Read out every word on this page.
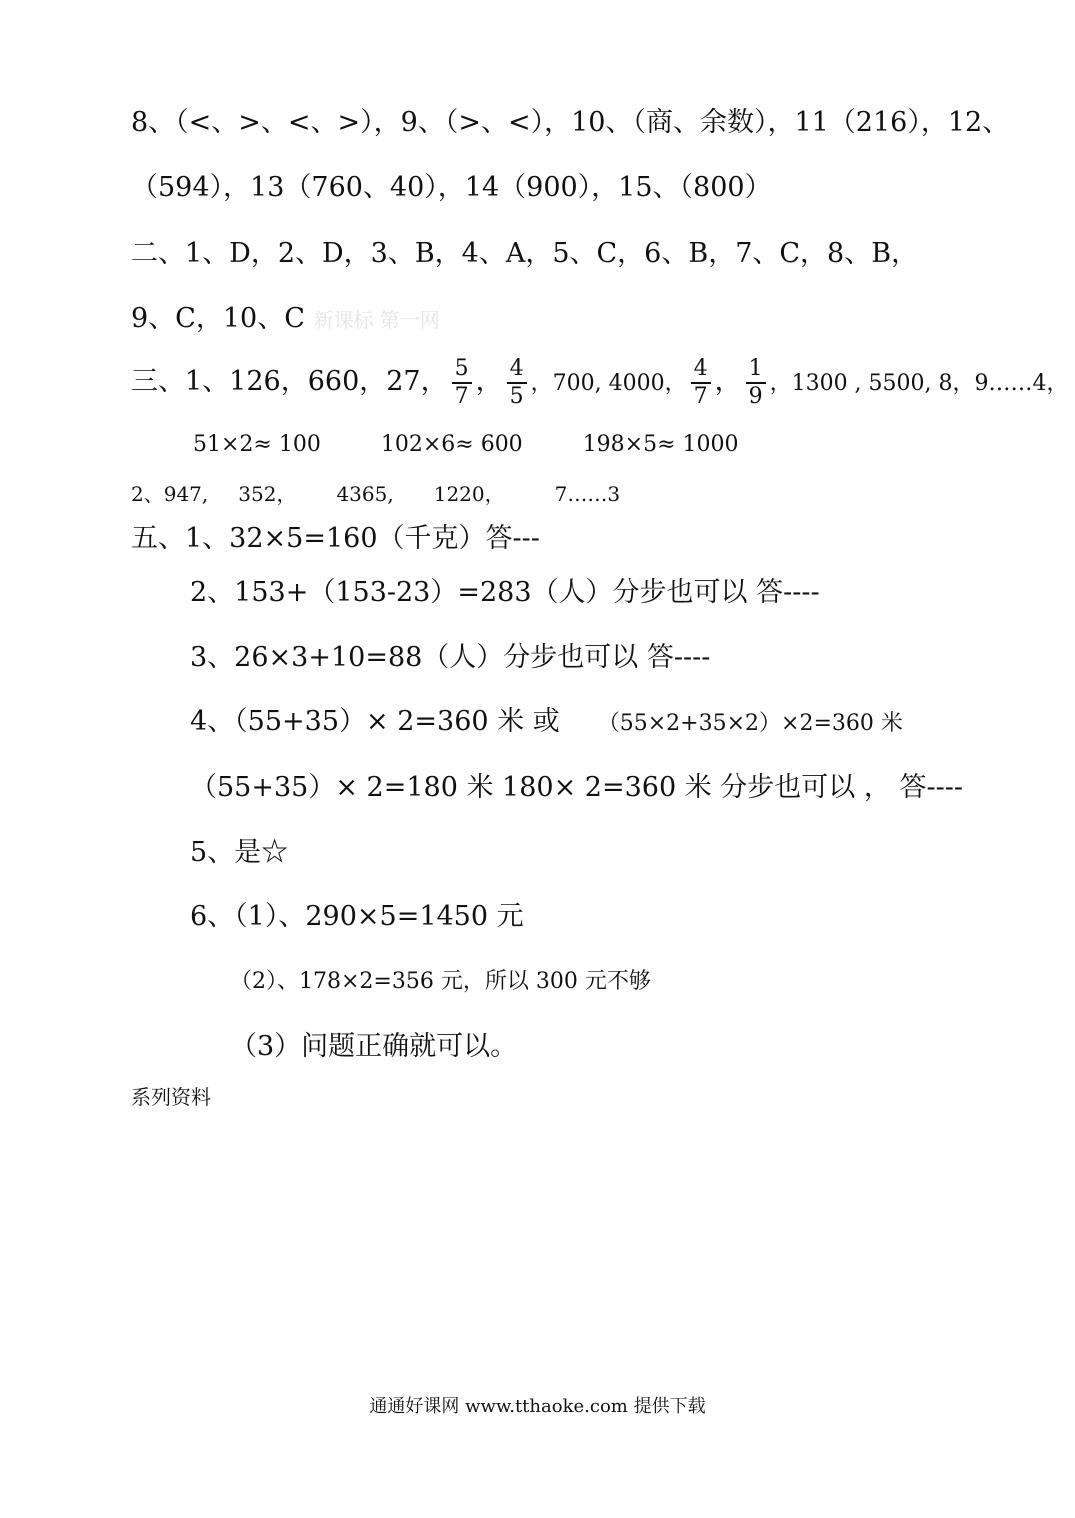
8、（<、>、<、>），9、（>、<），10、（商、余数），11（216），12、
（594），13（760、40），14（900），15、（800）
二、1、D，2、D，3、B，4、A，5、C，6、B，7、C，8、B，
9、C，10、C 新课标 第一网
三、1、126，660，27， $\frac{5}{7}$ ， $\frac{4}{5}$ ，700, 4000， $\frac{4}{7}$ ， $\frac{1}{9}$ ，1300 , 5500, 8，9……4，
51×2≈ 100	102×6≈ 600	198×5≈ 1000
2、947, 352， 4365, 1220，	7……3
五、1、32×5=160（千克）答---
2、153+（153-23）=283（人）分步也可以 答----
3、26×3+10=88（人）分步也可以 答----
4、（55+35）× 2=360 米 或 （55×2+35×2）×2=360 米
（55+35）× 2=180 米 180× 2=360 米 分步也可以 ， 答----
5、是☆
6、（1）、290×5=1450 元
（2）、178×2=356 元，所以 300 元不够
（3）问题正确就可以。
系列资料
通通好课网 www.tthaoke.com 提供下载
